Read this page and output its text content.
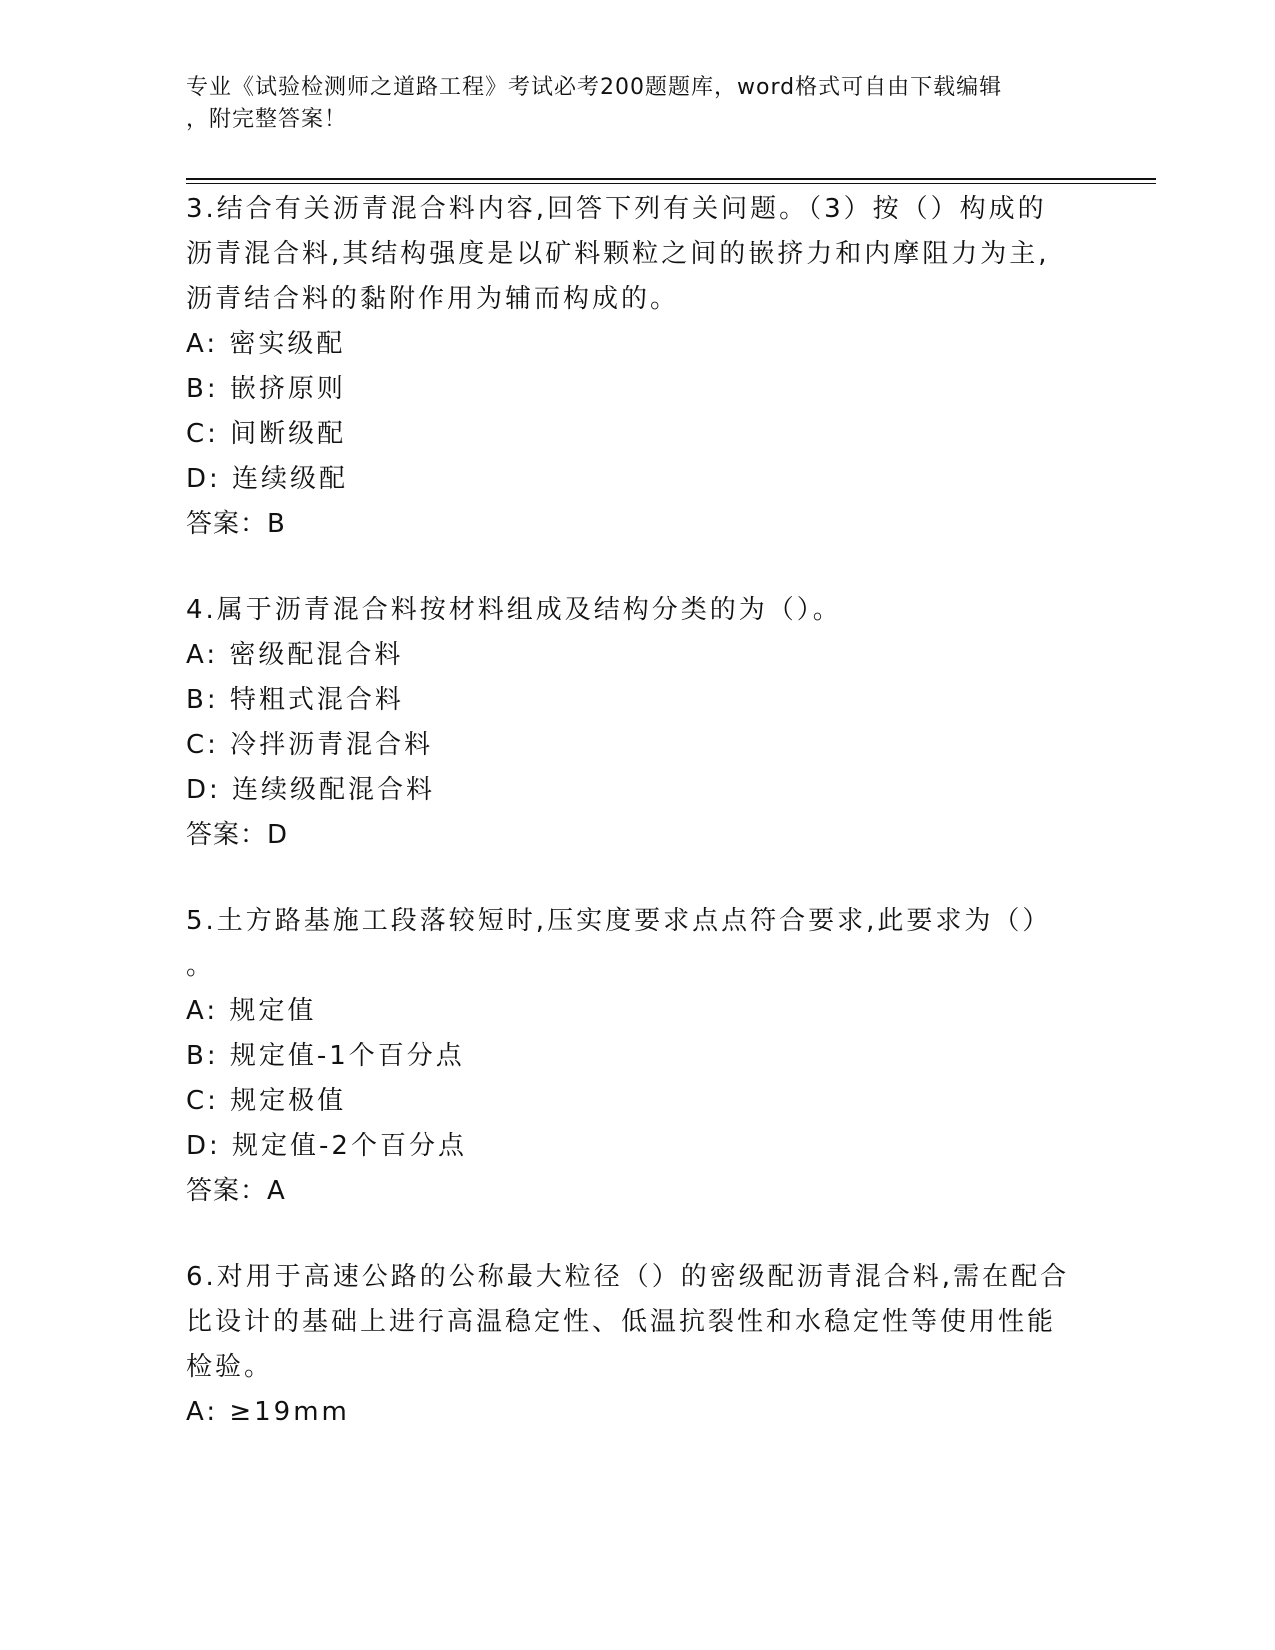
专业《试验检测师之道路工程》考试必考200题题库，word格式可自由下载编辑
，附完整答案！
3.结合有关沥青混合料内容,回答下列有关问题。（3）按（）构成的
沥青混合料,其结构强度是以矿料颗粒之间的嵌挤力和内摩阻力为主,
沥青结合料的黏附作用为辅而构成的。
A: 密实级配
B: 嵌挤原则
C: 间断级配
D: 连续级配
答案：B
4.属于沥青混合料按材料组成及结构分类的为（）。
A: 密级配混合料
B: 特粗式混合料
C: 冷拌沥青混合料
D: 连续级配混合料
答案：D
5.土方路基施工段落较短时,压实度要求点点符合要求,此要求为（）
。
A: 规定值
B: 规定值-1个百分点
C: 规定极值
D: 规定值-2个百分点
答案：A
6.对用于高速公路的公称最大粒径（）的密级配沥青混合料,需在配合
比设计的基础上进行高温稳定性、低温抗裂性和水稳定性等使用性能
检验。
A: ≥19mm
